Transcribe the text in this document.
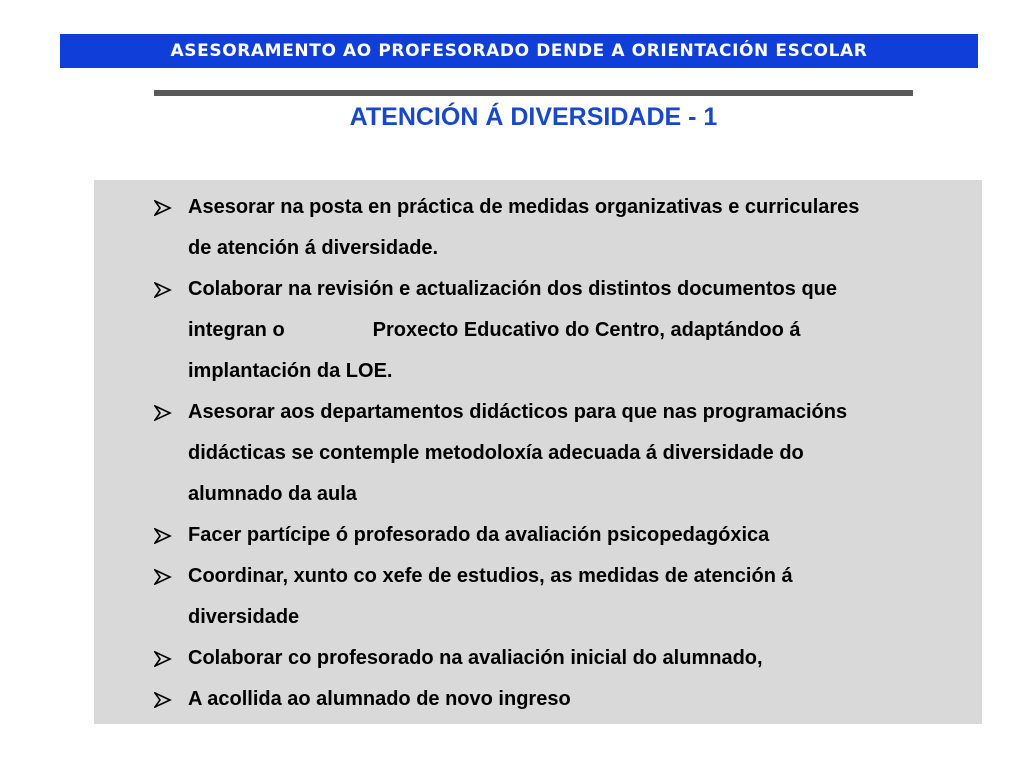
ASESORAMENTO AO PROFESORADO DENDE A ORIENTACIÓN ESCOLAR
ATENCIÓN Á DIVERSIDADE - 1
Asesorar na posta en práctica de medidas organizativas e curriculares
de atención á diversidade.
Colaborar na revisión e actualización dos distintos documentos que
integran o	Proxecto Educativo do Centro, adaptándoo á
implantación da LOE.
Asesorar aos departamentos didácticos para que nas programacións
didácticas se contemple metodoloxía adecuada á diversidade do
alumnado da aula
Facer partícipe ó profesorado da avaliación psicopedagóxica
Coordinar, xunto co xefe de estudios, as medidas de atención á
diversidade
Colaborar co profesorado na avaliación inicial do alumnado,
A acollida ao alumnado de novo ingreso
